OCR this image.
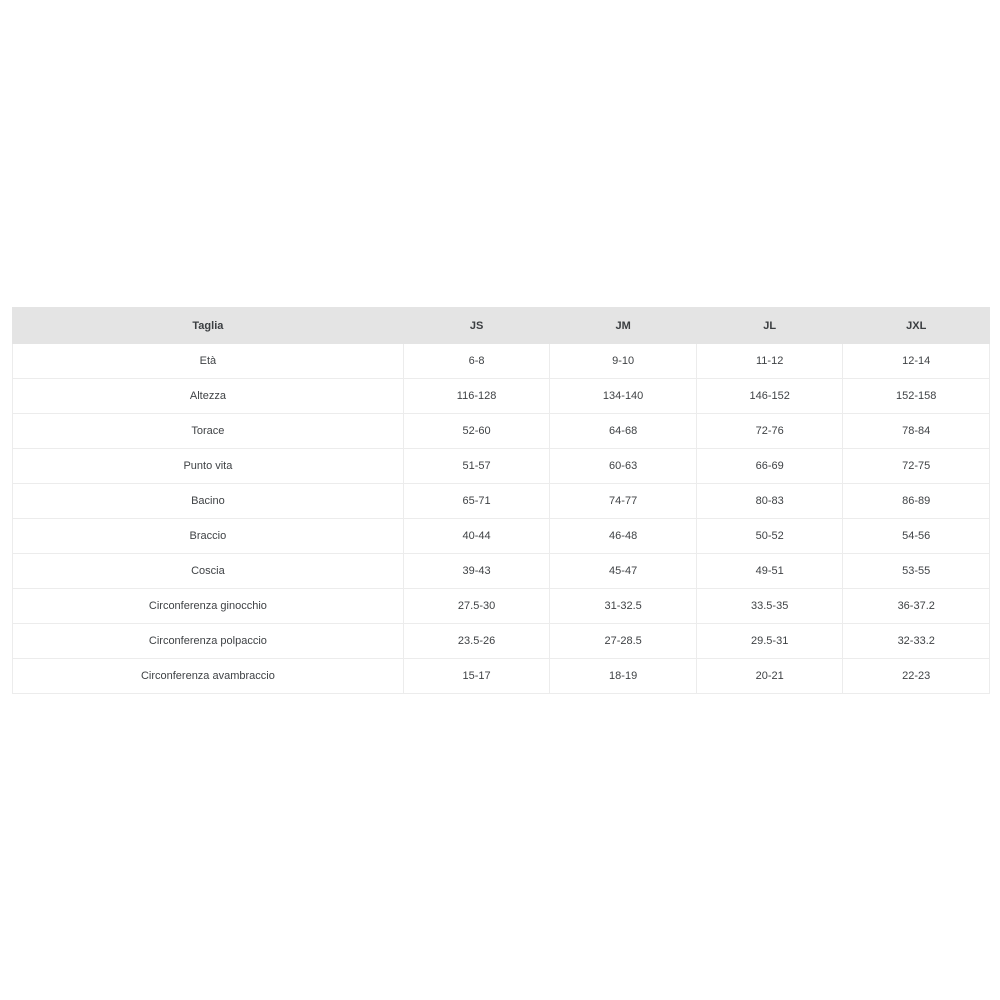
Taglia	JS	JM	JL	JXL
Età	6-8	9-10	11-12	12-14
Altezza	116-128	134-140	146-152	152-158
Torace	52-60	64-68	72-76	78-84
Punto vita	51-57	60-63	66-69	72-75
Bacino	65-71	74-77	80-83	86-89
Braccio	40-44	46-48	50-52	54-56
Coscia	39-43	45-47	49-51	53-55
Circonferenza ginocchio	27.5-30	31-32.5	33.5-35	36-37.2
Circonferenza polpaccio	23.5-26	27-28.5	29.5-31	32-33.2
Circonferenza avambraccio	15-17	18-19	20-21	22-23
